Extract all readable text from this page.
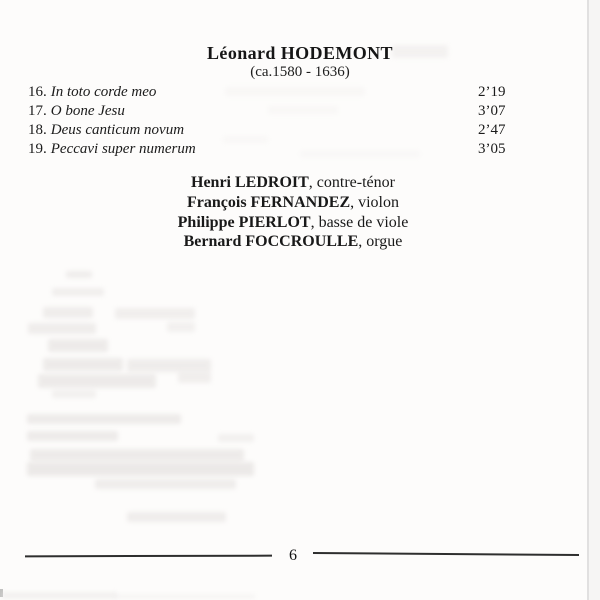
Léonard HODEMONT
(ca.1580 - 1636)
16. In toto corde meo	2’19
17. O bone Jesu	3’07
18. Deus canticum novum	2’47
19. Peccavi super numerum	3’05
Henri LEDROIT, contre-ténor
François FERNANDEZ, violon
Philippe PIERLOT, basse de viole
Bernard FOCCROULLE, orgue
6
